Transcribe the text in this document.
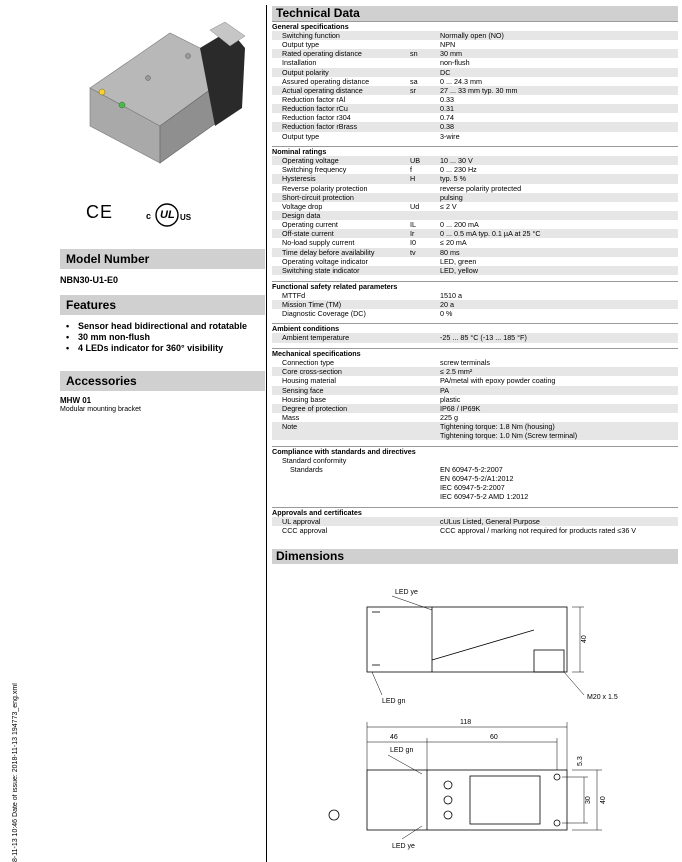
CE	c UL US
Model Number
NBN30-U1-E0
Features
• Sensor head bidirectional and rotatable
• 30 mm non-flush
• 4 LEDs indicator for 360° visibility
Accessories
MHW 01
Modular mounting bracket
8-11-13 10:46 Date of issue: 2018-11-13 194773_eng.xml
Technical Data
General specifications		
Switching function		Normally open (NO)
Output type		NPN
Rated operating distance	sn	30 mm
Installation		non-flush
Output polarity		DC
Assured operating distance	sa	0 ... 24.3 mm
Actual operating distance	sr	27 ... 33 mm typ. 30 mm
Reduction factor rAl		0.33
Reduction factor rCu		0.31
Reduction factor r304		0.74
Reduction factor rBrass		0.38
Output type		3-wire

Nominal ratings		
Operating voltage	UB	10 ... 30 V
Switching frequency	f	0 ... 230 Hz
Hysteresis	H	typ. 5 %
Reverse polarity protection		reverse polarity protected
Short-circuit protection		pulsing
Voltage drop	Ud	≤ 2 V
Design data		
Operating current	IL	0 ... 200 mA
Off-state current	Ir	0 ... 0.5 mA typ. 0.1 µA at 25 °C
No-load supply current	I0	≤ 20 mA
Time delay before availability	tv	80 ms
Operating voltage indicator		LED, green
Switching state indicator		LED, yellow

Functional safety related parameters		
MTTFd		1510 a
Mission Time (TM)		20 a
Diagnostic Coverage (DC)		0 %

Ambient conditions		
Ambient temperature		-25 ... 85 °C (-13 ... 185 °F)

Mechanical specifications		
Connection type		screw terminals
Core cross-section		≤ 2.5 mm²
Housing material		PA/metal with epoxy powder coating
Sensing face		PA
Housing base		plastic
Degree of protection		IP68 / IP69K
Mass		225 g
Note		Tightening torque: 1.8 Nm (housing)
		Tightening torque: 1.0 Nm (Screw terminal)

Compliance with standards and directives		
Standard conformity		
Standards		EN 60947-5-2:2007
		EN 60947-5-2/A1:2012
		IEC 60947-5-2:2007
		IEC 60947-5-2 AMD 1:2012

Approvals and certificates		
UL approval		cULus Listed, General Purpose
CCC approval		CCC approval / marking not required for products rated ≤36 V

Dimensions
LED ye
LED gn
40
M20 x 1.5
118
46	60
LED gn
5.3
30 40
LED ye
